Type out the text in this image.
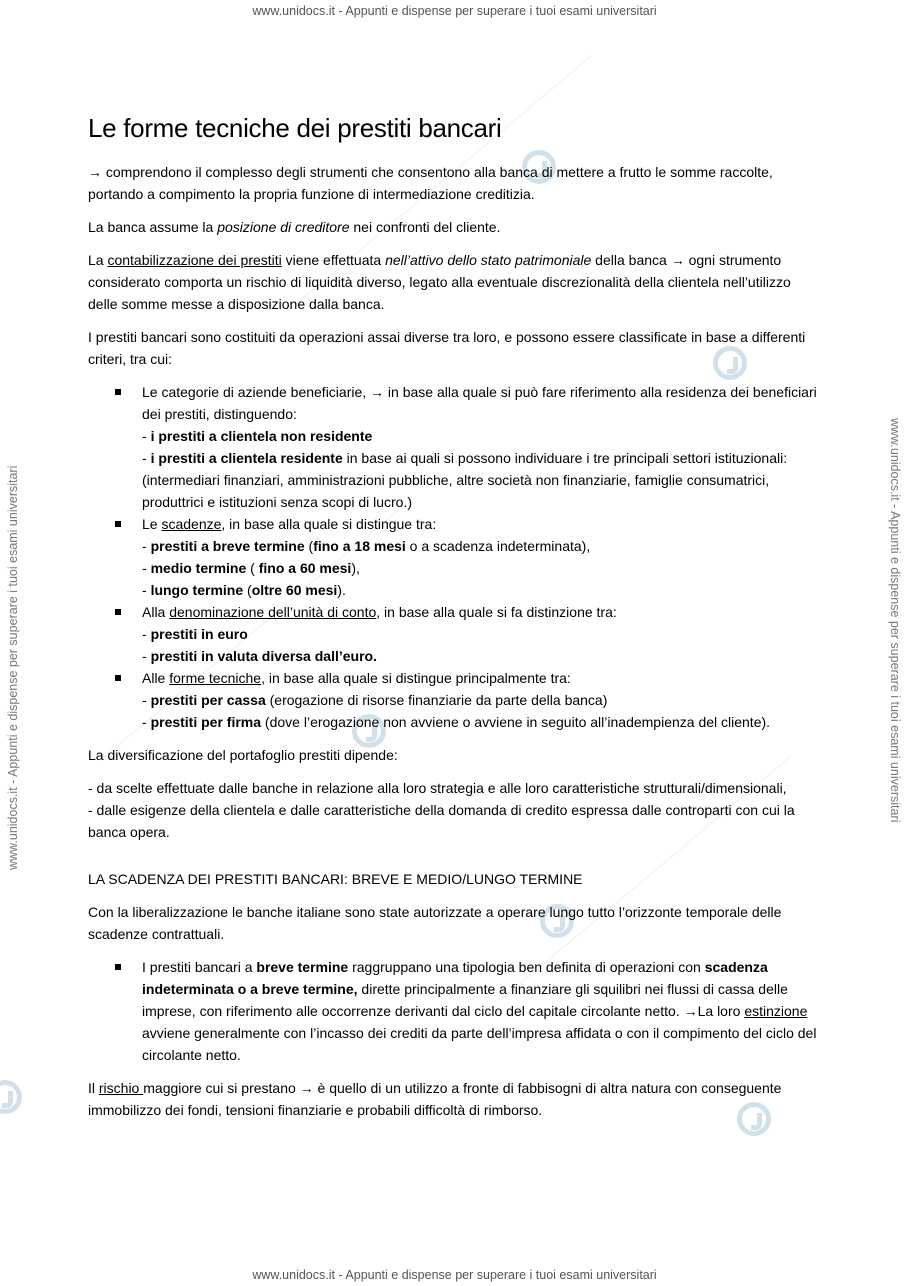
www.unidocs.it - Appunti e dispense per superare i tuoi esami universitari
www.unidocs.it - Appunti e dispense per superare i tuoi esami universitari
www.unidocs.it - Appunti e dispense per superare i tuoi esami universitari	www.unidocs.it - Appunti e dispense per superare i tuoi esami universitari
Le forme tecniche dei prestiti bancari

→ comprendono il complesso degli strumenti che consentono alla banca di mettere a frutto le somme raccolte, portando a compimento la propria funzione di intermediazione creditizia.

La banca assume la posizione di creditore nei confronti del cliente.

La contabilizzazione dei prestiti viene effettuata nell’attivo dello stato patrimoniale della banca → ogni strumento considerato comporta un rischio di liquidità diverso, legato alla eventuale discrezionalità della clientela nell’utilizzo delle somme messe a disposizione dalla banca.

I prestiti bancari sono costituiti da operazioni assai diverse tra loro, e possono essere classificate in base a differenti criteri, tra cui:

Le categorie di aziende beneficiarie, → in base alla quale si può fare riferimento alla residenza dei beneficiari dei prestiti, distinguendo:
- i prestiti a clientela non residente
- i prestiti a clientela residente in base ai quali si possono individuare i tre principali settori istituzionali: (intermediari finanziari, amministrazioni pubbliche, altre società non finanziarie, famiglie consumatrici, produttrici e istituzioni senza scopi di lucro.)
Le scadenze, in base alla quale si distingue tra:
- prestiti a breve termine (fino a 18 mesi o a scadenza indeterminata),
- medio termine ( fino a 60 mesi),
- lungo termine (oltre 60 mesi).
Alla denominazione dell’unità di conto, in base alla quale si fa distinzione tra:
- prestiti in euro
- prestiti in valuta diversa dall’euro.
Alle forme tecniche, in base alla quale si distingue principalmente tra:
- prestiti per cassa (erogazione di risorse finanziarie da parte della banca)
- prestiti per firma (dove l’erogazione non avviene o avviene in seguito all’inadempienza del cliente).

La diversificazione del portafoglio prestiti dipende:

- da scelte effettuate dalle banche in relazione alla loro strategia e alle loro caratteristiche strutturali/dimensionali,
- dalle esigenze della clientela e dalle caratteristiche della domanda di credito espressa dalle controparti con cui la banca opera.

LA SCADENZA DEI PRESTITI BANCARI: BREVE E MEDIO/LUNGO TERMINE

Con la liberalizzazione le banche italiane sono state autorizzate a operare lungo tutto l’orizzonte temporale delle scadenze contrattuali.

I prestiti bancari a breve termine raggruppano una tipologia ben definita di operazioni con scadenza indeterminata o a breve termine, dirette principalmente a finanziare gli squilibri nei flussi di cassa delle imprese, con riferimento alle occorrenze derivanti dal ciclo del capitale circolante netto. →La loro estinzione avviene generalmente con l’incasso dei crediti da parte dell’impresa affidata o con il compimento del ciclo del circolante netto.

Il rischio maggiore cui si prestano → è quello di un utilizzo a fronte di fabbisogni di altra natura con conseguente immobilizzo dei fondi, tensioni finanziarie e probabili difficoltà di rimborso.
